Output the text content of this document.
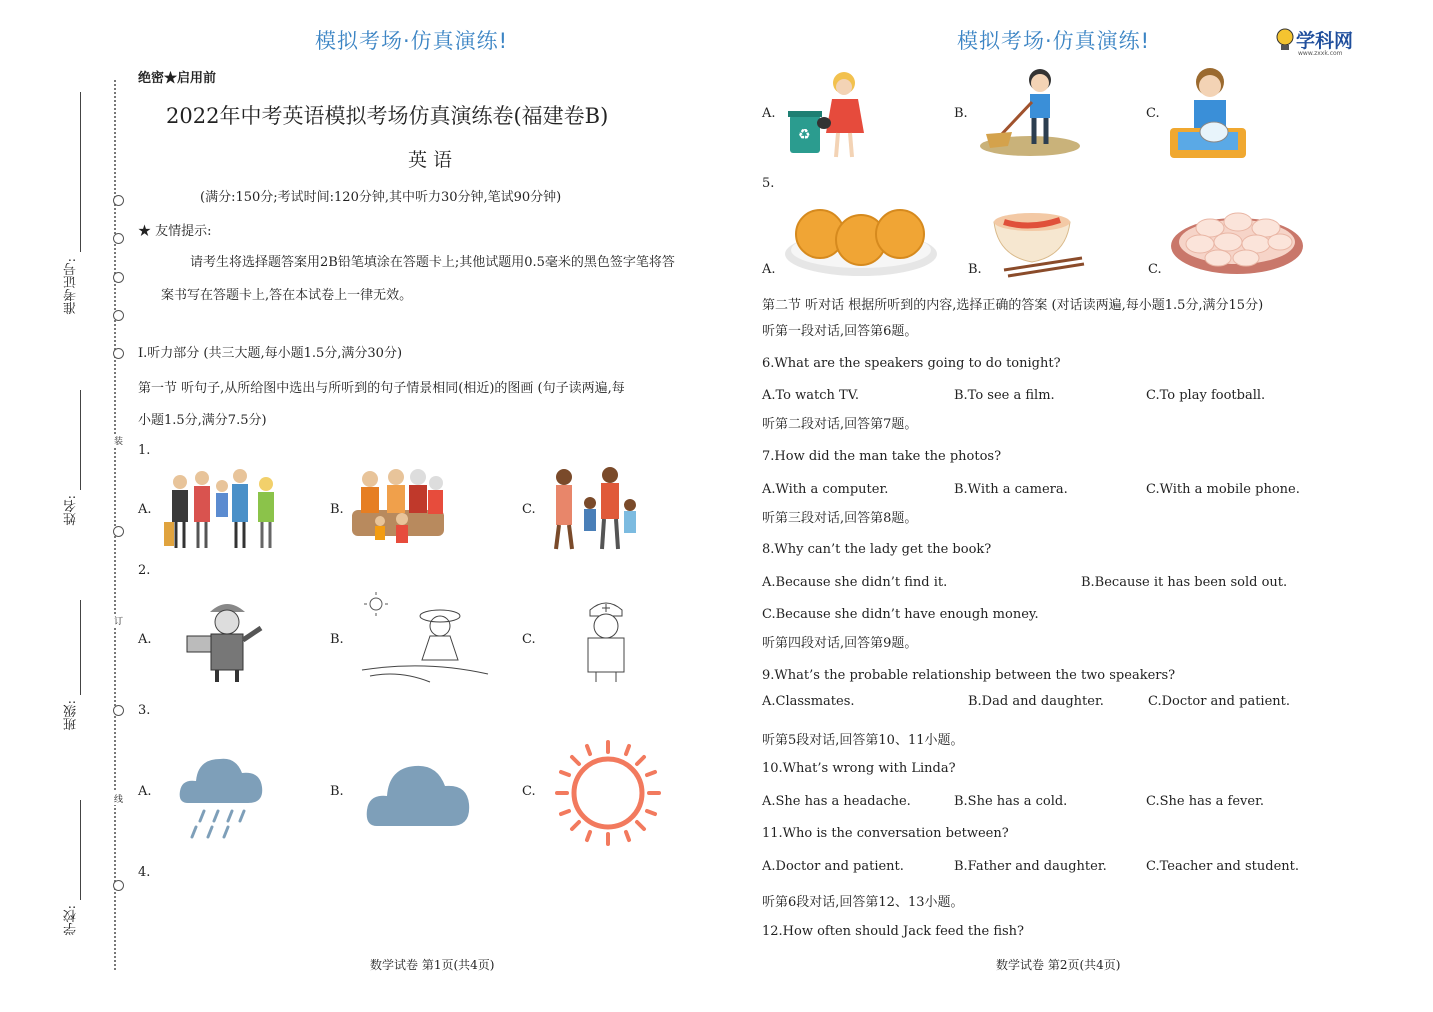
装
订
线
学校:
班级:
姓名:
准考证号:
模拟考场·仿真演练!
绝密★启用前
2022年中考英语模拟考场仿真演练卷(福建卷B)
英 语
(满分:150分;考试时间:120分钟,其中听力30分钟,笔试90分钟)
★ 友情提示:
请考生将选择题答案用2B铅笔填涂在答题卡上;其他试题用0.5毫米的黑色签字笔将答
案书写在答题卡上,答在本试卷上一律无效。
Ⅰ.听力部分 (共三大题,每小题1.5分,满分30分)
第一节 听句子,从所给图中选出与所听到的句子情景相同(相近)的图画 (句子读两遍,每
小题1.5分,满分7.5分)
1.
A.	B.	C.
2.
A.	B.	C.
3.
A.	B.	C.
4.
数学试卷 第1页(共4页)
模拟考场·仿真演练!	学科网
www.zxxk.com
A.
♻
B.	C.
5.
A.	B.	C.
第二节 听对话 根据所听到的内容,选择正确的答案 (对话读两遍,每小题1.5分,满分15分)
听第一段对话,回答第6题。
6.What are the speakers going to do tonight?
A.To watch TV.	B.To see a film.	C.To play football.
听第二段对话,回答第7题。
7.How did the man take the photos?
A.With a computer.	B.With a camera.	C.With a mobile phone.
听第三段对话,回答第8题。
8.Why can’t the lady get the book?
A.Because she didn’t find it.	B.Because it has been sold out.
C.Because she didn’t have enough money.
听第四段对话,回答第9题。
9.What’s the probable relationship between the two speakers?
A.Classmates.	B.Dad and daughter.	C.Doctor and patient.
听第5段对话,回答第10、11小题。
10.What’s wrong with Linda?
A.She has a headache.	B.She has a cold.	C.She has a fever.
11.Who is the conversation between?
A.Doctor and patient.	B.Father and daughter.	C.Teacher and student.
听第6段对话,回答第12、13小题。
12.How often should Jack feed the fish?
数学试卷 第2页(共4页)
